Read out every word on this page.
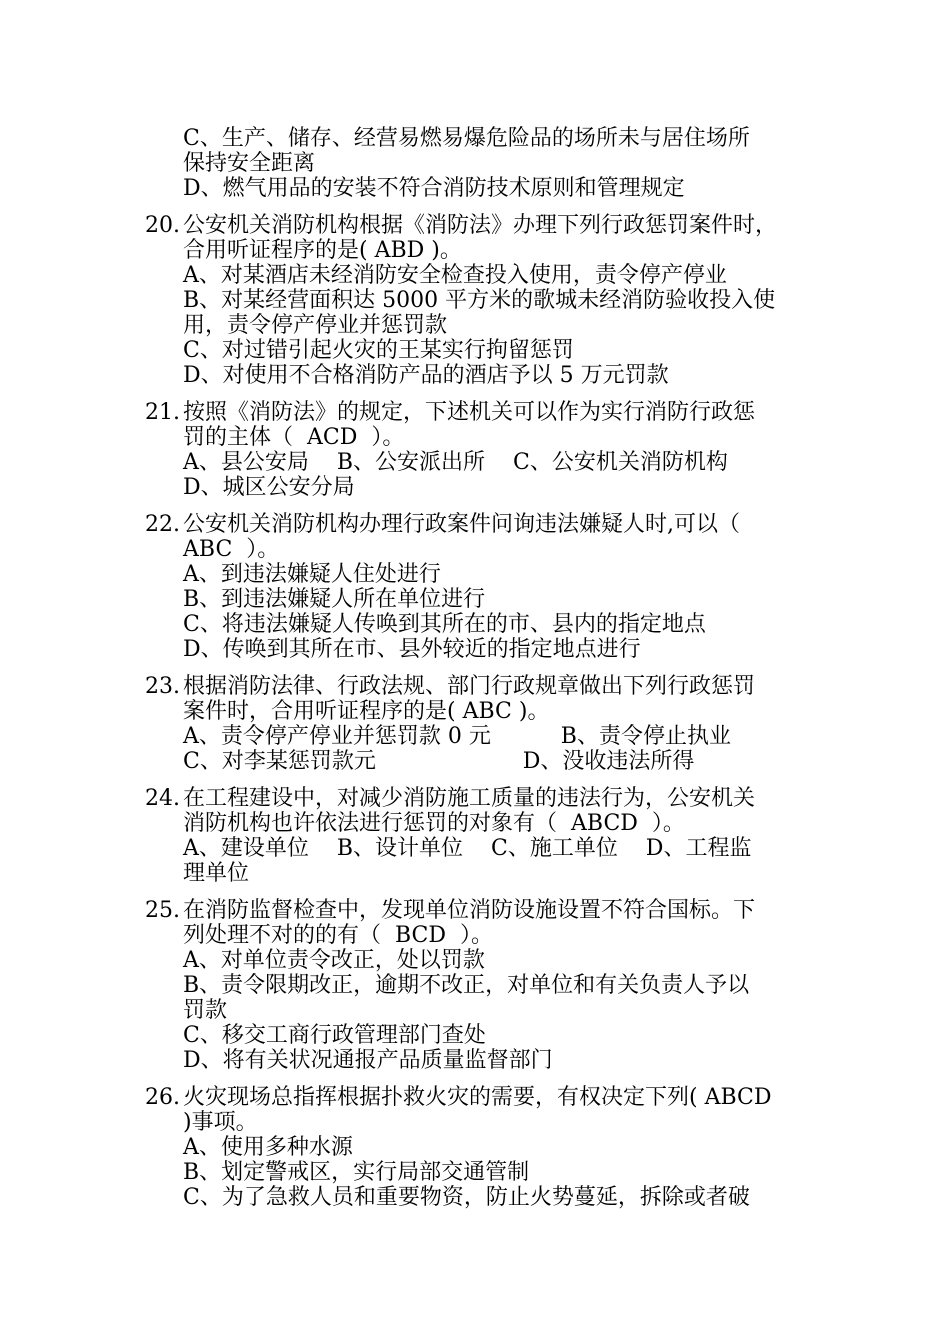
C、生产、储存、经营易燃易爆危险品的场所未与居住场所
保持安全距离
D、燃气用品的安装不符合消防技术原则和管理规定
20. 公安机关消防机构根据《消防法》办理下列行政惩罚案件时，
合用听证程序的是( ABD )。
A、对某酒店未经消防安全检查投入使用，责令停产停业
B、对某经营面积达 5000 平方米的歌城未经消防验收投入使
用，责令停产停业并惩罚款
C、对过错引起火灾的王某实行拘留惩罚
D、对使用不合格消防产品的酒店予以 5 万元罚款
21. 按照《消防法》的规定，下述机关可以作为实行消防行政惩
罚的主体（  ACD  ）。
A、县公安局    B、公安派出所    C、公安机关消防机构
D、城区公安分局
22. 公安机关消防机构办理行政案件问询违法嫌疑人时,可以（
ABC  ）。
A、到违法嫌疑人住处进行
B、到违法嫌疑人所在单位进行
C、将违法嫌疑人传唤到其所在的市、县内的指定地点
D、传唤到其所在市、县外较近的指定地点进行
23. 根据消防法律、行政法规、部门行政规章做出下列行政惩罚
案件时，合用听证程序的是( ABC )。
A、责令停产停业并惩罚款 0 元          B、责令停止执业
C、对李某惩罚款元                     D、没收违法所得
24. 在工程建设中，对减少消防施工质量的违法行为，公安机关
消防机构也许依法进行惩罚的对象有（  ABCD  ）。
A、建设单位    B、设计单位    C、施工单位    D、工程监
理单位
25. 在消防监督检查中，发现单位消防设施设置不符合国标。下
列处理不对的的有（  BCD  ）。
A、对单位责令改正，处以罚款
B、责令限期改正，逾期不改正，对单位和有关负责人予以
罚款
C、移交工商行政管理部门查处
D、将有关状况通报产品质量监督部门
26. 火灾现场总指挥根据扑救火灾的需要，有权决定下列( ABCD
)事项。
A、使用多种水源
B、划定警戒区，实行局部交通管制
C、为了急救人员和重要物资，防止火势蔓延，拆除或者破
